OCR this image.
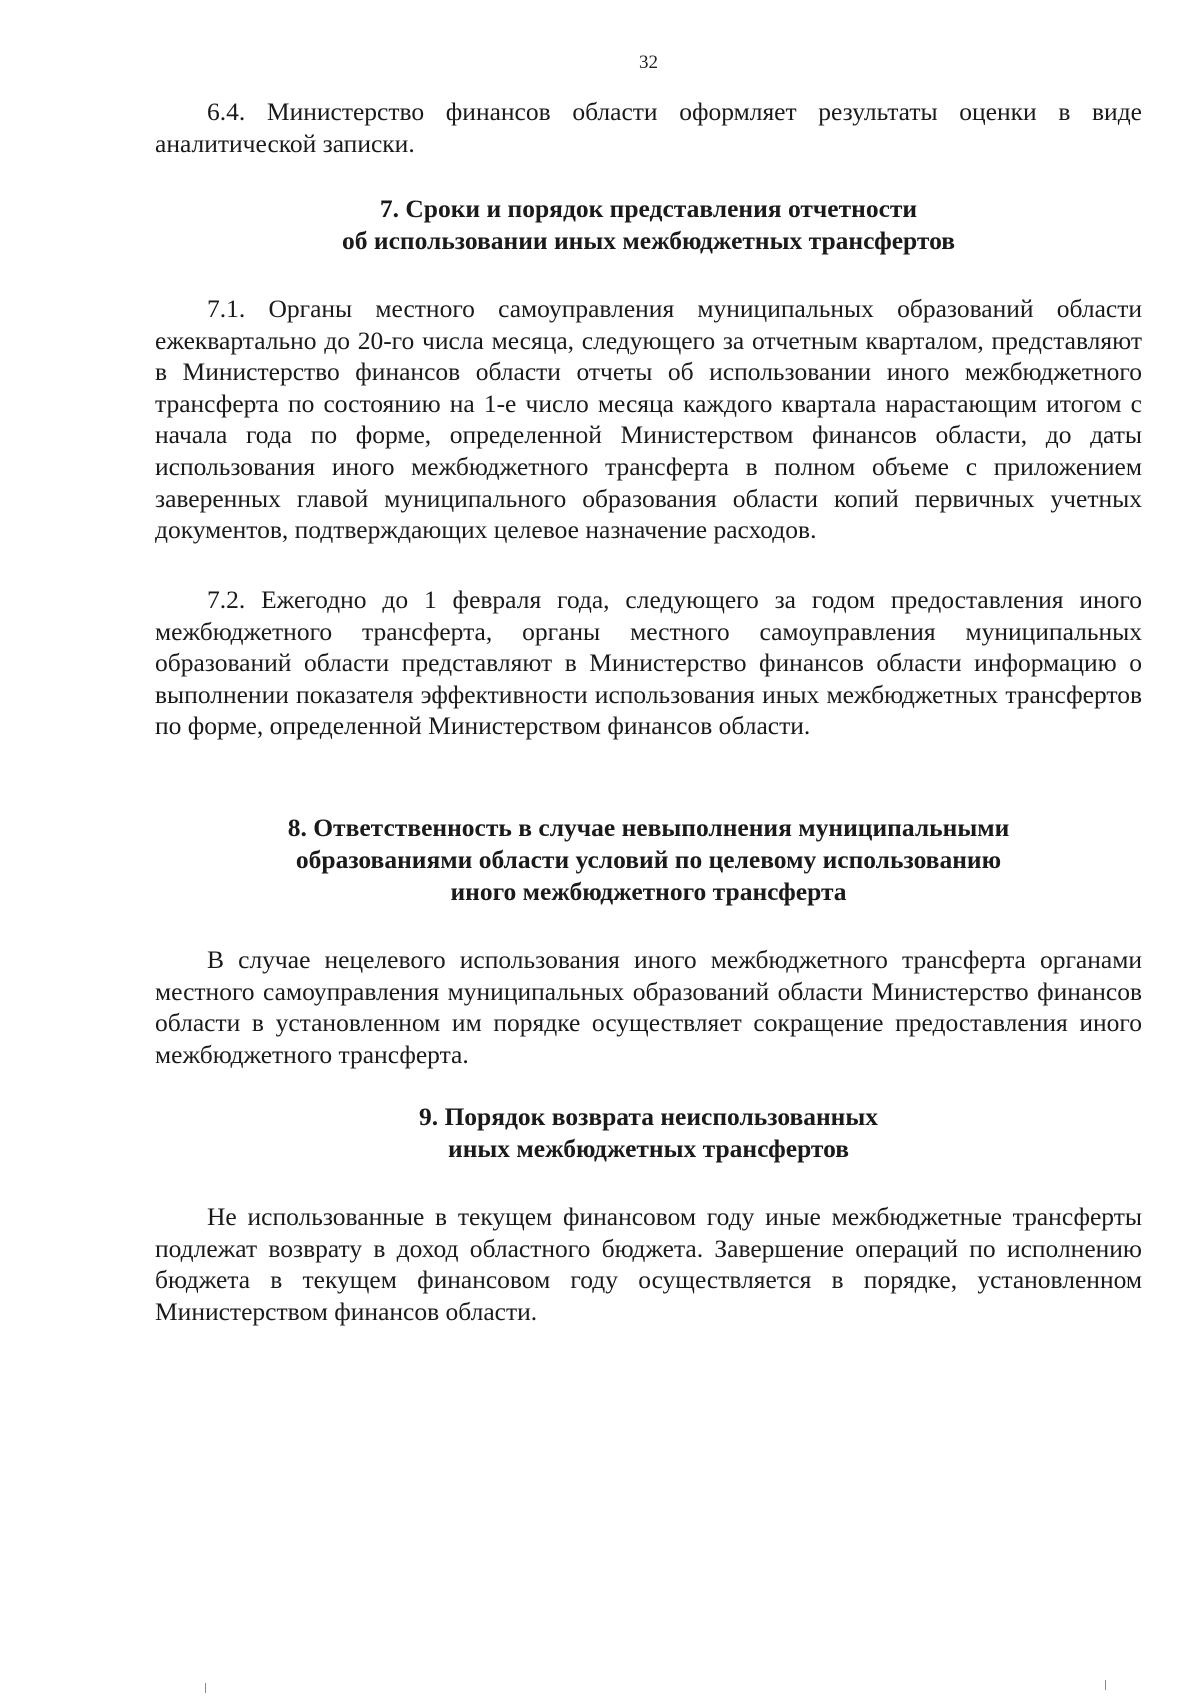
32

6.4. Министерство финансов области оформляет результаты оценки в виде аналитической записки.

7. Сроки и порядок представления отчетности
об использовании иных межбюджетных трансфертов

7.1. Органы местного самоуправления муниципальных образований области ежеквартально до 20-го числа месяца, следующего за отчетным кварталом, представляют в Министерство финансов области отчеты об использовании иного межбюджетного трансферта по состоянию на 1-е число месяца каждого квартала нарастающим итогом с начала года по форме, определенной Министерством финансов области, до даты использования иного межбюджетного трансферта в полном объеме с приложением заверенных главой муниципального образования области копий первичных учетных документов, подтверждающих целевое назначение расходов.

7.2. Ежегодно до 1 февраля года, следующего за годом предоставления иного межбюджетного трансферта, органы местного самоуправления муниципальных образований области представляют в Министерство финансов области информацию о выполнении показателя эффективности использования иных межбюджетных трансфертов по форме, определенной Министерством финансов области.

8. Ответственность в случае невыполнения муниципальными
образованиями области условий по целевому использованию
иного межбюджетного трансферта

В случае нецелевого использования иного межбюджетного трансферта органами местного самоуправления муниципальных образований области Министерство финансов области в установленном им порядке осуществляет сокращение предоставления иного межбюджетного трансферта.

9. Порядок возврата неиспользованных
иных межбюджетных трансфертов

Не использованные в текущем финансовом году иные межбюджетные трансферты подлежат возврату в доход областного бюджета. Завершение операций по исполнению бюджета в текущем финансовом году осуществляется в порядке, установленном Министерством финансов области.
